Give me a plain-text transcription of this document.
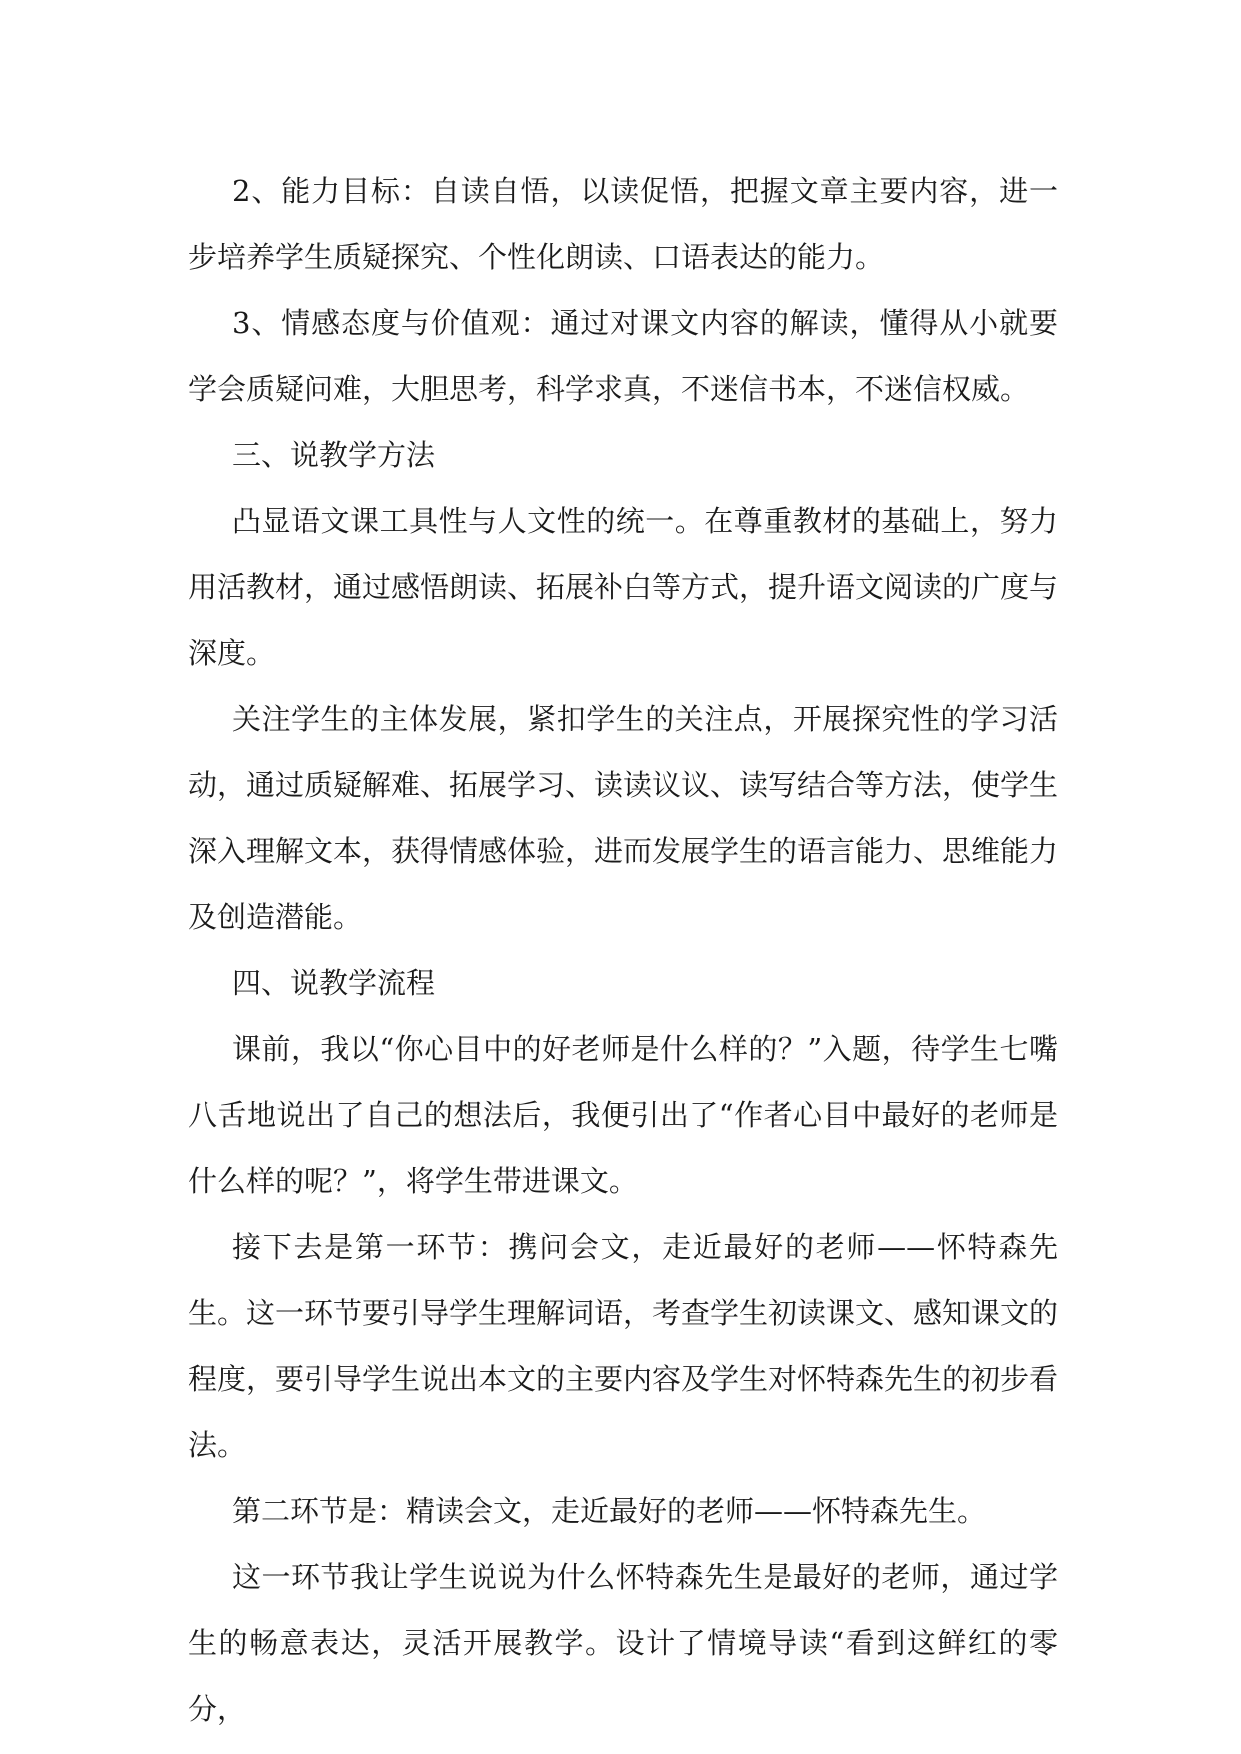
2、能力目标：自读自悟，以读促悟，把握文章主要内容，进一步培养学生质疑探究、个性化朗读、口语表达的能力。

3、情感态度与价值观：通过对课文内容的解读，懂得从小就要学会质疑问难，大胆思考，科学求真，不迷信书本，不迷信权威。

三、说教学方法

凸显语文课工具性与人文性的统一。在尊重教材的基础上，努力用活教材，通过感悟朗读、拓展补白等方式，提升语文阅读的广度与深度。

关注学生的主体发展，紧扣学生的关注点，开展探究性的学习活动，通过质疑解难、拓展学习、读读议议、读写结合等方法，使学生深入理解文本，获得情感体验，进而发展学生的语言能力、思维能力及创造潜能。

四、说教学流程

课前，我以“你心目中的好老师是什么样的？”入题，待学生七嘴八舌地说出了自己的想法后，我便引出了“作者心目中最好的老师是什么样的呢？”，将学生带进课文。

接下去是第一环节：携问会文，走近最好的老师——怀特森先生。这一环节要引导学生理解词语，考查学生初读课文、感知课文的程度，要引导学生说出本文的主要内容及学生对怀特森先生的初步看法。

第二环节是：精读会文，走近最好的老师——怀特森先生。

这一环节我让学生说说为什么怀特森先生是最好的老师，通过学生的畅意表达，灵活开展教学。设计了情境导读“看到这鲜红的零分，
